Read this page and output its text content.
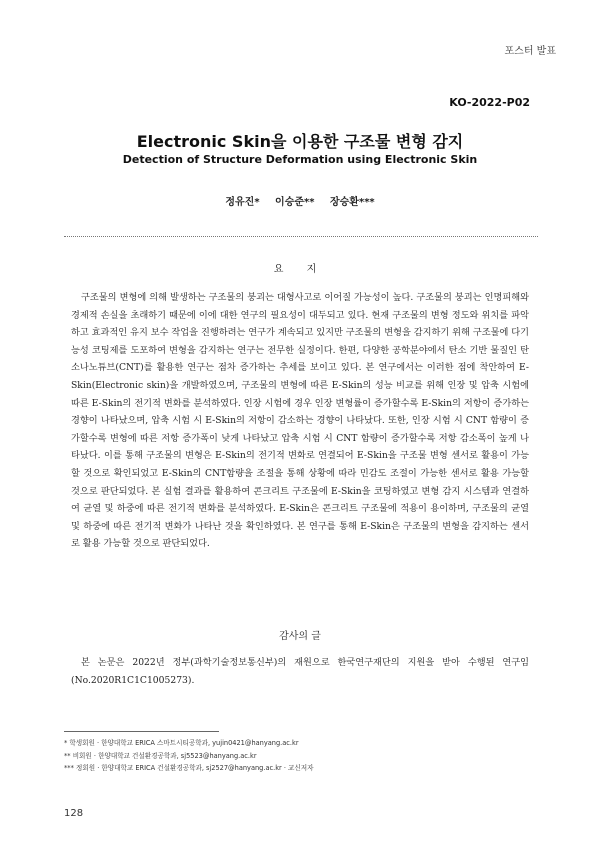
포스터 발표
KO-2022-P02
Electronic Skin을 이용한 구조물 변형 감지
Detection of Structure Deformation using Electronic Skin
정유진* 이승준** 장승환***
요 지

구조물의 변형에 의해 발생하는 구조물의 붕괴는 대형사고로 이어질 가능성이 높다. 구조물의 붕괴는 인명피해와 경제적 손실을 초래하기 때문에 이에 대한 연구의 필요성이 대두되고 있다. 현재 구조물의 변형 정도와 위치를 파악하고 효과적인 유지 보수 작업을 진행하려는 연구가 계속되고 있지만 구조물의 변형을 감지하기 위해 구조물에 다기능성 코팅제를 도포하여 변형을 감지하는 연구는 전무한 실정이다. 한편, 다양한 공학분야에서 탄소 기반 물질인 탄소나노튜브(CNT)를 활용한 연구는 점차 증가하는 추세를 보이고 있다. 본 연구에서는 이러한 점에 착안하여 E-Skin(Electronic skin)을 개발하였으며, 구조물의 변형에 따른 E-Skin의 성능 비교를 위해 인장 및 압축 시험에 따른 E-Skin의 전기적 변화를 분석하였다. 인장 시험에 경우 인장 변형률이 증가할수록 E-Skin의 저항이 증가하는 경향이 나타났으며, 압축 시험 시 E-Skin의 저항이 감소하는 경향이 나타났다. 또한, 인장 시험 시 CNT 함량이 증가할수록 변형에 따른 저항 증가폭이 낮게 나타났고 압축 시험 시 CNT 함량이 증가할수록 저항 감소폭이 높게 나타났다. 이를 통해 구조물의 변형은 E-Skin의 전기적 변화로 연결되어 E-Skin을 구조물 변형 센서로 활용이 가능할 것으로 확인되었고 E-Skin의 CNT함량을 조절을 통해 상황에 따라 민감도 조절이 가능한 센서로 활용 가능할 것으로 판단되었다. 본 실험 결과를 활용하여 콘크리트 구조물에 E-Skin을 코팅하였고 변형 감지 시스템과 연결하여 균열 및 하중에 따른 전기적 변화를 분석하였다. E-Skin은 콘크리트 구조물에 적용이 용이하며, 구조물의 균열 및 하중에 따른 전기적 변화가 나타난 것을 확인하였다. 본 연구를 통해 E-Skin은 구조물의 변형을 감지하는 센서로 활용 가능할 것으로 판단되었다.

감사의 글

본 논문은 2022년 정부(과학기술정보통신부)의 재원으로 한국연구재단의 지원을 받아 수행된 연구임 (No.2020R1C1C1005273).

* 학생회원 · 한양대학교 ERICA 스마트시티공학과, yujin0421@hanyang.ac.kr
** 비회원 · 한양대학교 건설환경공학과, sj5523@hanyang.ac.kr
*** 정회원 · 한양대학교 ERICA 건설환경공학과, sj2527@hanyang.ac.kr · 교신저자
128
